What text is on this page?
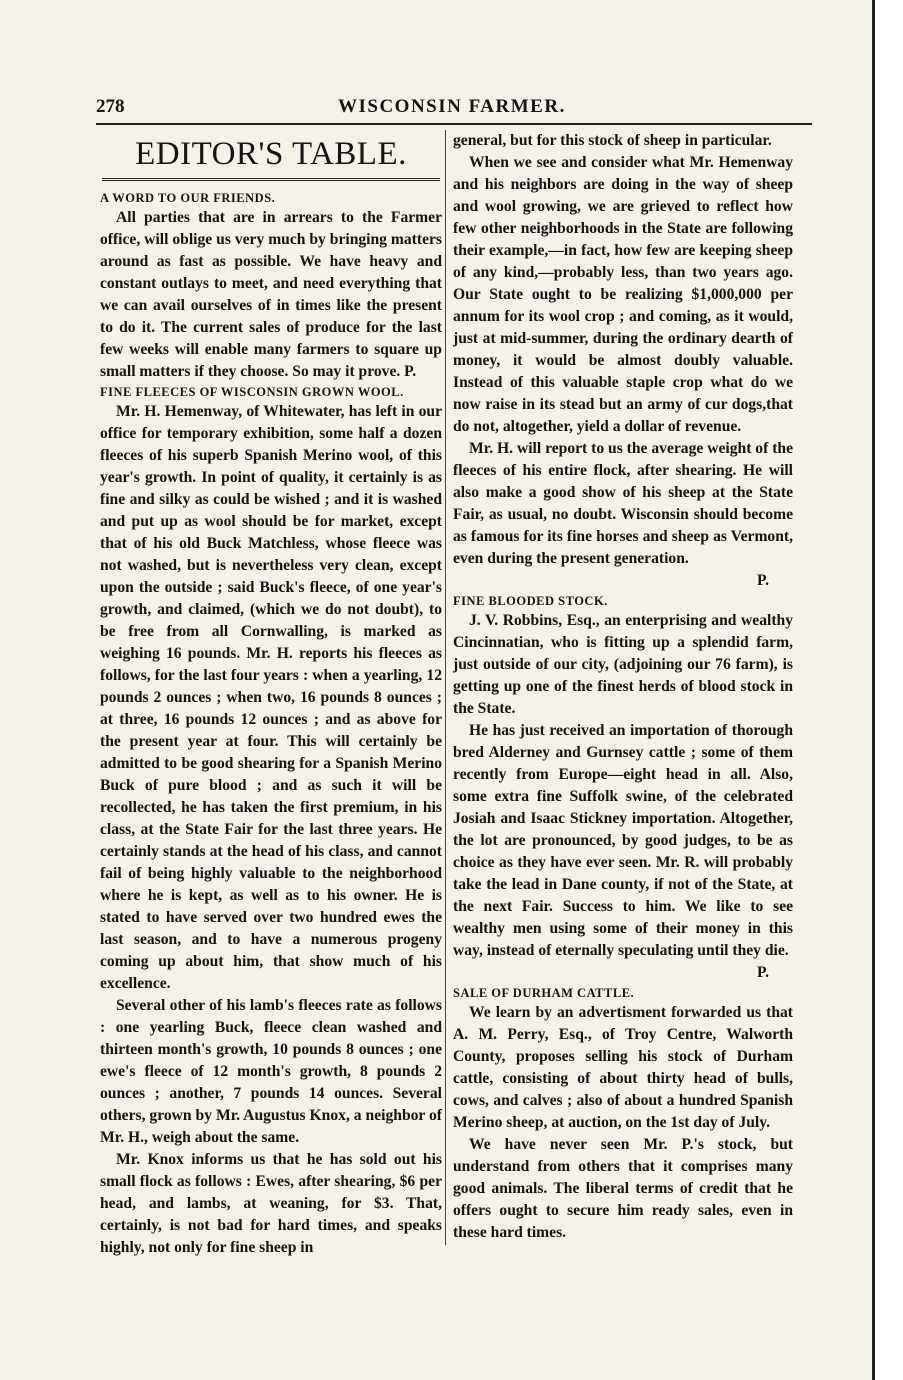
278	WISCONSIN FARMER.
EDITOR'S TABLE.
A WORD TO OUR FRIENDS.

All parties that are in arrears to the Farmer office, will oblige us very much by bringing matters around as fast as possible. We have heavy and constant outlays to meet, and need everything that we can avail ourselves of in times like the present to do it. The current sales of produce for the last few weeks will enable many farmers to square up small matters if they choose. So may it prove. P.

FINE FLEECES OF WISCONSIN GROWN WOOL.

Mr. H. Hemenway, of Whitewater, has left in our office for temporary exhibition, some half a dozen fleeces of his superb Spanish Merino wool, of this year's growth. In point of quality, it certainly is as fine and silky as could be wished ; and it is washed and put up as wool should be for market, except that of his old Buck Matchless, whose fleece was not washed, but is nevertheless very clean, except upon the outside ; said Buck's fleece, of one year's growth, and claimed, (which we do not doubt), to be free from all Cornwalling, is marked as weighing 16 pounds. Mr. H. reports his fleeces as follows, for the last four years : when a yearling, 12 pounds 2 ounces ; when two, 16 pounds 8 ounces ; at three, 16 pounds 12 ounces ; and as above for the present year at four. This will certainly be admitted to be good shearing for a Spanish Merino Buck of pure blood ; and as such it will be recollected, he has taken the first premium, in his class, at the State Fair for the last three years. He certainly stands at the head of his class, and cannot fail of being highly valuable to the neighborhood where he is kept, as well as to his owner. He is stated to have served over two hundred ewes the last season, and to have a numerous progeny coming up about him, that show much of his excellence.

Several other of his lamb's fleeces rate as follows : one yearling Buck, fleece clean washed and thirteen month's growth, 10 pounds 8 ounces ; one ewe's fleece of 12 month's growth, 8 pounds 2 ounces ; another, 7 pounds 14 ounces. Several others, grown by Mr. Augustus Knox, a neighbor of Mr. H., weigh about the same.

Mr. Knox informs us that he has sold out his small flock as follows : Ewes, after shearing, $6 per head, and lambs, at weaning, for $3. That, certainly, is not bad for hard times, and speaks highly, not only for fine sheep in

general, but for this stock of sheep in particular.

When we see and consider what Mr. Hemenway and his neighbors are doing in the way of sheep and wool growing, we are grieved to reflect how few other neighborhoods in the State are following their example,—in fact, how few are keeping sheep of any kind,—probably less, than two years ago. Our State ought to be realizing $1,000,000 per annum for its wool crop ; and coming, as it would, just at mid-summer, during the ordinary dearth of money, it would be almost doubly valuable. Instead of this valuable staple crop what do we now raise in its stead but an army of cur dogs,that do not, altogether, yield a dollar of revenue.

Mr. H. will report to us the average weight of the fleeces of his entire flock, after shearing. He will also make a good show of his sheep at the State Fair, as usual, no doubt. Wisconsin should become as famous for its fine horses and sheep as Vermont, even during the present generation.

P.

FINE BLOODED STOCK.

J. V. Robbins, Esq., an enterprising and wealthy Cincinnatian, who is fitting up a splendid farm, just outside of our city, (adjoining our 76 farm), is getting up one of the finest herds of blood stock in the State.

He has just received an importation of thorough bred Alderney and Gurnsey cattle ; some of them recently from Europe—eight head in all. Also, some extra fine Suffolk swine, of the celebrated Josiah and Isaac Stickney importation. Altogether, the lot are pronounced, by good judges, to be as choice as they have ever seen. Mr. R. will probably take the lead in Dane county, if not of the State, at the next Fair. Success to him. We like to see wealthy men using some of their money in this way, instead of eternally speculating until they die.

P.

SALE OF DURHAM CATTLE.

We learn by an advertisment forwarded us that A. M. Perry, Esq., of Troy Centre, Walworth County, proposes selling his stock of Durham cattle, consisting of about thirty head of bulls, cows, and calves ; also of about a hundred Spanish Merino sheep, at auction, on the 1st day of July.

We have never seen Mr. P.'s stock, but understand from others that it comprises many good animals. The liberal terms of credit that he offers ought to secure him ready sales, even in these hard times.
